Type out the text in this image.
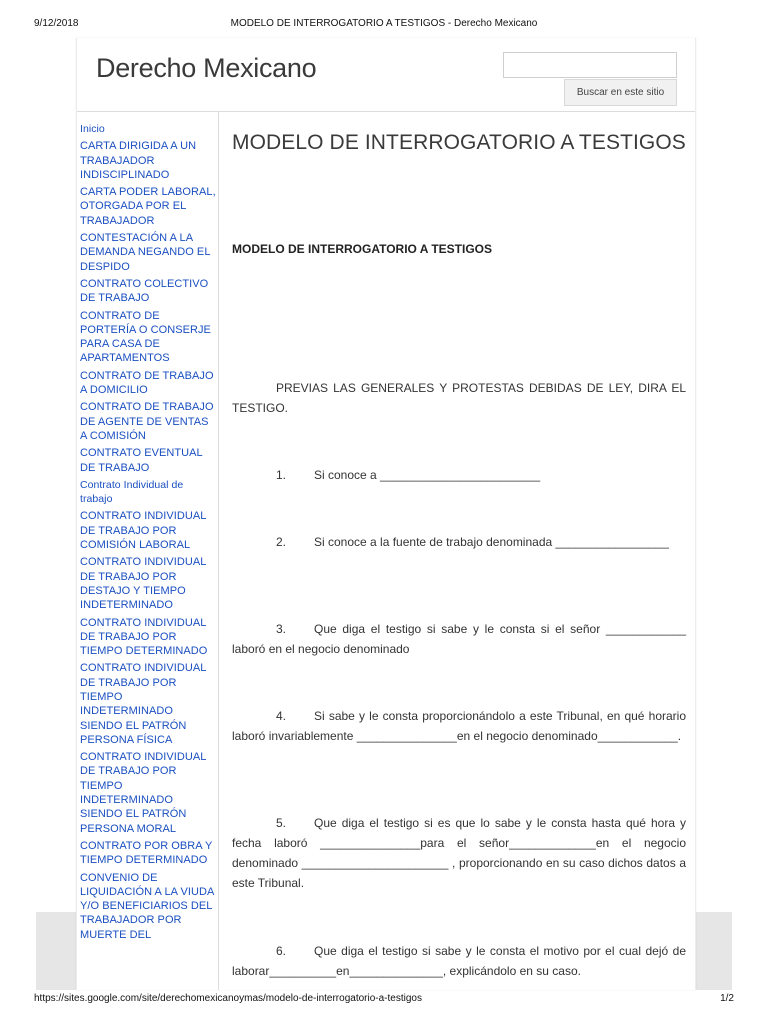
9/12/2018	MODELO DE INTERROGATORIO A TESTIGOS - Derecho Mexicano
Derecho Mexicano
Buscar en este sitio
Inicio
CARTA DIRIGIDA A UN TRABAJADOR INDISCIPLINADO
CARTA PODER LABORAL, OTORGADA POR EL TRABAJADOR
CONTESTACIÓN A LA DEMANDA NEGANDO EL DESPIDO
CONTRATO COLECTIVO DE TRABAJO
CONTRATO DE PORTERÍA O CONSERJE PARA CASA DE APARTAMENTOS
CONTRATO DE TRABAJO A DOMICILIO
CONTRATO DE TRABAJO DE AGENTE DE VENTAS A COMISIÓN
CONTRATO EVENTUAL DE TRABAJO
Contrato Individual de trabajo
CONTRATO INDIVIDUAL DE TRABAJO POR COMISIÓN LABORAL
CONTRATO INDIVIDUAL DE TRABAJO POR DESTAJO Y TIEMPO INDETERMINADO
CONTRATO INDIVIDUAL DE TRABAJO POR TIEMPO DETERMINADO
CONTRATO INDIVIDUAL DE TRABAJO POR TIEMPO INDETERMINADO SIENDO EL PATRÓN PERSONA FÍSICA
CONTRATO INDIVIDUAL DE TRABAJO POR TIEMPO INDETERMINADO SIENDO EL PATRÓN PERSONA MORAL
CONTRATO POR OBRA Y TIEMPO DETERMINADO
CONVENIO DE LIQUIDACIÓN A LA VIUDA Y/O BENEFICIARIOS DEL TRABAJADOR POR MUERTE DEL
MODELO DE INTERROGATORIO A TESTIGOS

MODELO DE INTERROGATORIO A TESTIGOS

PREVIAS LAS GENERALES Y PROTESTAS DEBIDAS DE LEY, DIRA EL TESTIGO.

1. Si conoce a ________________________

2. Si conoce a la fuente de trabajo denominada _________________

3. Que diga el testigo si sabe y le consta si el señor ____________ laboró en el negocio denominado

4. Si sabe y le consta proporcionándolo a este Tribunal, en qué horario laboró invariablemente _______________en el negocio denominado____________.

5. Que diga el testigo si es que lo sabe y le consta hasta qué hora y fecha laboró _______________para el señor_____________en el negocio denominado ______________________ , proporcionando en su caso dichos datos a este Tribunal.

6. Que diga el testigo si sabe y le consta el motivo por el cual dejó de laborar__________en______________, explicándolo en su caso.

https://sites.google.com/site/derechomexicanoymas/modelo-de-interrogatorio-a-testigos	1/2
